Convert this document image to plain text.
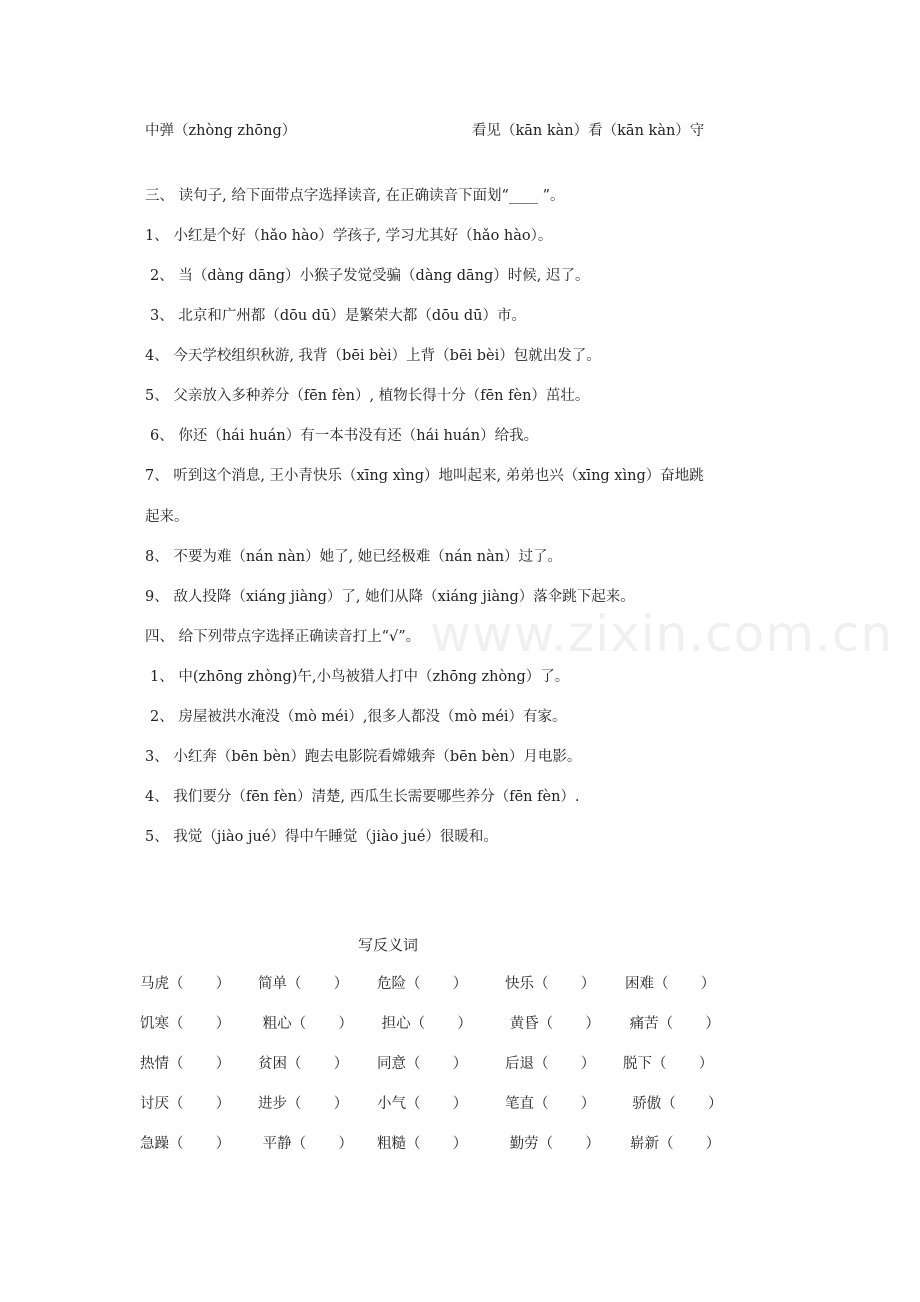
中弹（zhòng zhōng）	看见（kān kàn）看（kān kàn）守
三、 读句子, 给下面带点字选择读音, 在正确读音下面划“____ ”。
1、 小红是个好（hǎo hào）学孩子, 学习尤其好（hǎo hào）。
2、 当（dàng dāng）小猴子发觉受骗（dàng dāng）时候, 迟了。
3、 北京和广州都（dōu dū）是繁荣大都（dōu dū）市。
4、 今天学校组织秋游, 我背（bēi bèi）上背（bēi bèi）包就出发了。
5、 父亲放入多种养分（fēn fèn）, 植物长得十分（fēn fèn）茁壮。
6、 你还（hái huán）有一本书没有还（hái huán）给我。
7、 听到这个消息, 王小青快乐（xīng xìng）地叫起来, 弟弟也兴（xīng xìng）奋地跳
起来。
8、 不要为难（nán nàn）她了, 她已经极难（nán nàn）过了。
9、 敌人投降（xiáng jiàng）了, 她们从降（xiáng jiàng）落伞跳下起来。
四、 给下列带点字选择正确读音打上“√”。
1、 中(zhōng zhòng)午,小鸟被猎人打中（zhōng zhòng）了。
2、 房屋被洪水淹没（mò méi）,很多人都没（mò méi）有家。
3、 小红奔（bēn bèn）跑去电影院看嫦娥奔（bēn bèn）月电影。
4、 我们要分（fēn fèn）清楚, 西瓜生长需要哪些养分（fēn fèn）.
5、 我觉（jiào jué）得中午睡觉（jiào jué）很暖和。
www.zixin.com.cn
写反义词
马虎（       ） 简单（       ） 危险（       ）	快乐（       ） 困难（       ）
饥寒（       ） 粗心（       ） 担心（       ） 黄昏（       ） 痛苦（       ）
热情（       ） 贫困（       ） 同意（       ）	后退（       ） 脱下（       ）
讨厌（       ） 进步（       ） 小气（       ）	笔直（       ） 骄傲（       ）
急躁（       ） 平静（       ） 粗糙（       ）	勤劳（       ） 崭新（       ）
